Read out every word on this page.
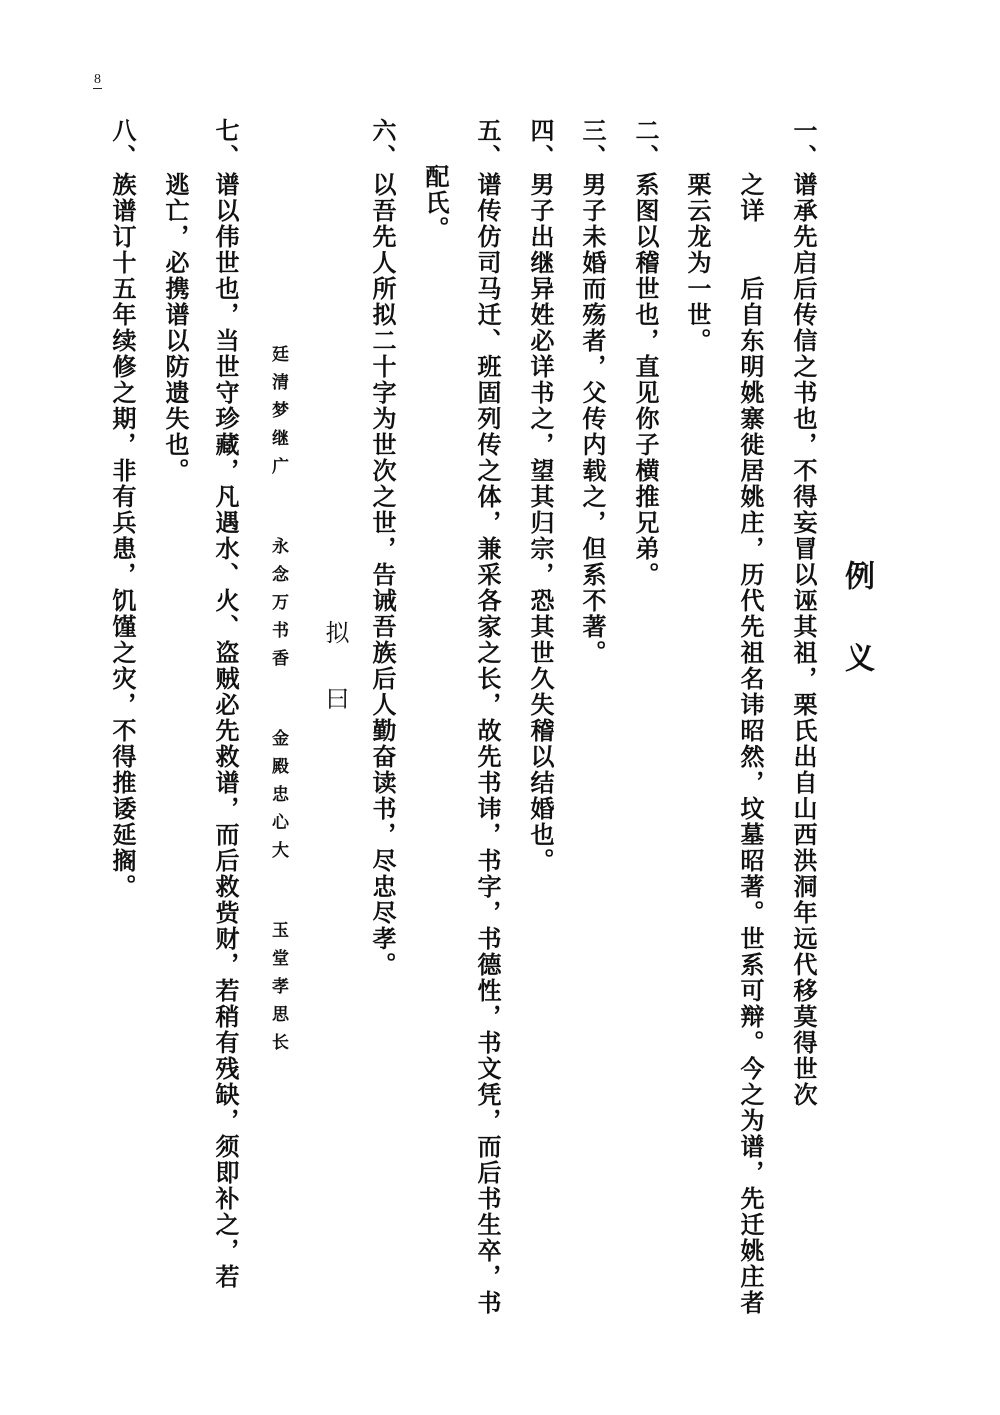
8
例义
一、
谱承先启后传信之书也，不得妄冒以诬其祖，栗氏出自山西洪洞年远代移莫得世次
之详　　后自东明姚寨徙居姚庄，历代先祖名讳昭然，坟墓昭著。世系可辩。今之为谱，先迁姚庄者
栗云龙为一世。
二、
系图以稽世也，直见你子横推兄弟。
三、
男子未婚而殇者，父传内载之，但系不著。
四、
男子出继异姓必详书之，望其归宗，恐其世久失稽以结婚也。
五、
谱传仿司马迁、班固列传之体，兼采各家之长，故先书讳，书字，书德性，书文凭，而后书生卒，书
配氏。
六、
以吾先人所拟二十字为世次之世，告诫吾族后人勤奋读书，尽忠尽孝。
拟曰
廷清梦继广永念万书香金殿忠心大玉堂孝思长
七、
谱以伟世也，当世守珍藏，凡遇水、火、盗贼必先救谱，而后救赀财，若稍有残缺，须即补之，若
逃亡，必携谱以防遗失也。
八、
族谱订十五年续修之期，非有兵患，饥馑之灾，不得推诿延搁。
